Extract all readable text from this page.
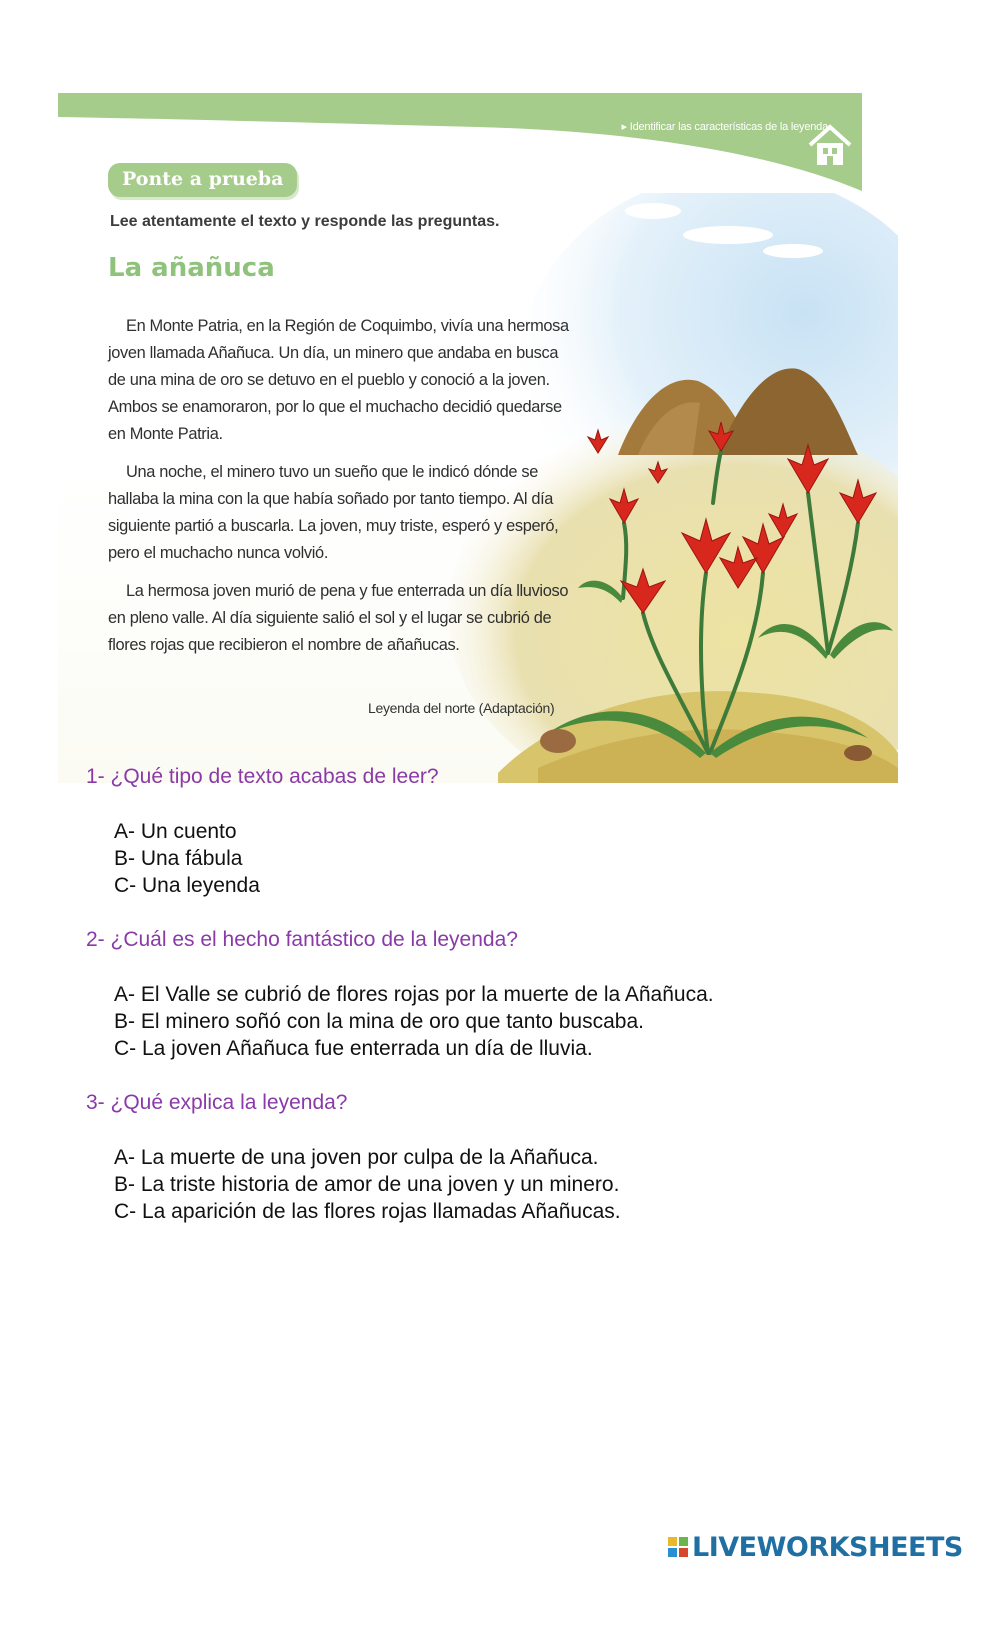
▸ Identificar las características de la leyenda
Ponte a prueba
Lee atentamente el texto y responde las preguntas.
La añañuca

En Monte Patria, en la Región de Coquimbo, vivía una hermosa joven llamada Añañuca. Un día, un minero que andaba en busca de una mina de oro se detuvo en el pueblo y conoció a la joven. Ambos se enamoraron, por lo que el muchacho decidió quedarse en Monte Patria.

Una noche, el minero tuvo un sueño que le indicó dónde se hallaba la mina con la que había soñado por tanto tiempo. Al día siguiente partió a buscarla. La joven, muy triste, esperó y esperó, pero el muchacho nunca volvió.

La hermosa joven murió de pena y fue enterrada un día lluvioso en pleno valle. Al día siguiente salió el sol y el lugar se cubrió de flores rojas que recibieron el nombre de añañucas.

Leyenda del norte (Adaptación)
1- ¿Qué tipo de texto acabas de leer?
A- Un cuento
B- Una fábula
C- Una leyenda
2- ¿Cuál es el hecho fantástico de la leyenda?
A- El Valle se cubrió de flores rojas por la muerte de la Añañuca.
B- El minero soñó con la mina de oro que tanto buscaba.
C- La joven Añañuca fue enterrada un día de lluvia.
3- ¿Qué explica la leyenda?
A- La muerte de una joven por culpa de la Añañuca.
B- La triste historia de amor de una joven y un minero.
C- La aparición de las flores rojas llamadas Añañucas.
LIVEWORKSHEETS
